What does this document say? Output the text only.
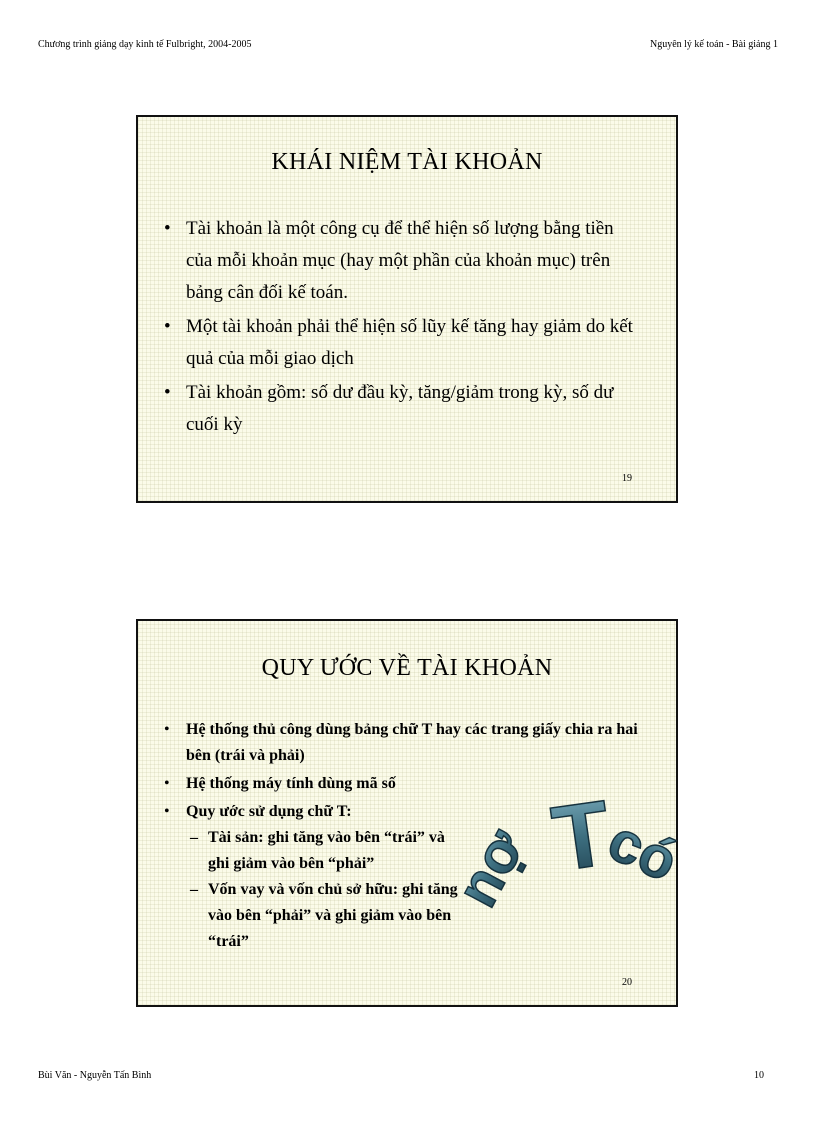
Chương trình giảng dạy kinh tế Fulbright, 2004-2005	Nguyên lý kế toán - Bài giảng 1
KHÁI NIỆM TÀI KHOẢN
• Tài khoản là một công cụ để thể hiện số lượng bằng tiền của mỗi khoản mục (hay một phần của khoản mục) trên bảng cân đối kế toán.
• Một tài khoản phải thể hiện số lũy kế tăng hay giảm do kết quả của mỗi giao dịch
• Tài khoản gồm: số dư đầu kỳ, tăng/giảm trong kỳ, số dư cuối kỳ
19
QUY ƯỚC VỀ TÀI KHOẢN
• Hệ thống thủ công dùng bảng chữ T hay các trang giấy chia ra hai bên (trái và phải)
• Hệ thống máy tính dùng mã số
• Quy ước sử dụng chữ T:
– Tài sản: ghi tăng vào bên “trái” và ghi giảm vào bên “phải”
– Vốn vay và vốn chủ sở hữu: ghi tăng vào bên “phải” và ghi giảm vào bên “trái”
nợ T
có
20
Bùi Văn - Nguyễn Tấn Bình	10
